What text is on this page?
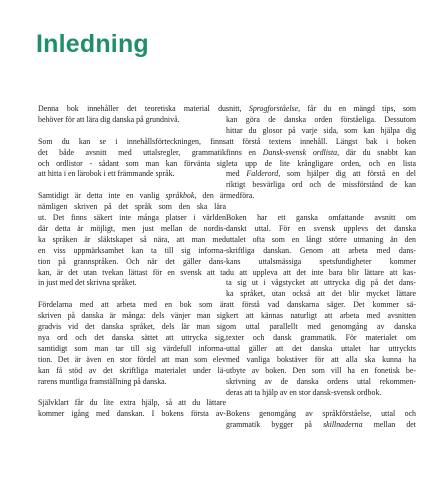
Inledning

Denna bok innehåller det teoretiska material du
behöver för att lära dig danska på grundnivå.

Som du kan se i innehållsförteckningen, finns
det både avsnitt med uttalsregler, grammatik
och ordlistor - sådant som man kan förvänta sig
att hitta i en lärobok i ett främmande språk.

Samtidigt är detta inte en vanlig språkbok, den är
nämligen skriven på det språk som den ska lära
ut. Det finns säkert inte många platser i världen
där detta är möjligt, men just mellan de nordis-
ka språken är släktskapet så nära, att man med
en viss uppmärksamhet kan ta till sig informa-
tion på grannspråken. Och när det gäller dans-
kan, är det utan tvekan lättast för en svensk att ta
in just med det skrivna språket.

Fördelarna med att arbeta med en bok som är
skriven på danska är många: dels vänjer man sig
gradvis vid det danska språket, dels lär man sig
nya ord och det danska sättet att uttrycka sig,
samtidigt som man tar till sig värdefull informa-
tion. Det är även en stor fördel att man som elev
kan få stöd av det skriftliga materialet under lä-
rarens muntliga framställning på danska.

Självklart får du lite extra hjälp, så att du lättare
kommer igång med danskan. I bokens första av-

snitt, Sprogforståelse, får du en mängd tips, som
kan göra de danska orden förståeliga. Dessutom
hittar du glosor på varje sida, som kan hjälpa dig
att förstå textens innehåll. Längst bak i boken
finns en Dansk-svensk ordlista, där du snabbt kan
leta upp de lite krångligare orden, och en lista
med Falderord, som hjälper dig att förstå en del
riktigt besvärliga ord och de missförstånd de kan
medföra.

Boken har ett ganska omfattande avsnitt om
danskt uttal. För en svensk upplevs det danska
uttalet ofta som en långt större utmaning än den
skriftliga danskan. Genom att arbeta med dans-
kans uttalsmässiga spetsfundigheter kommer
du att uppleva att det inte bara blir lättare att kas-
ta sig ut i vågstycket att uttrycka dig på det dans-
ka språket, utan också att det blir mycket lättare
att förstå vad danskarna säger. Det kommer sä-
kert att kännas naturligt att arbeta med avsnitten
om uttal parallellt med genomgång av danska
texter och dansk grammatik. För materialet om
uttal gäller att det danska uttalet har uttryckts
med vanliga bokstäver för att alla ska kunna ha
utbyte av boken. Den som vill ha en fonetisk be-
skrivning av de danska ordens uttal rekommen-
deras att ta hjälp av en stor dansk-svensk ordbok.

Bokens genomgång av språkförståelse, uttal och
grammatik bygger på skillnaderna mellan det
